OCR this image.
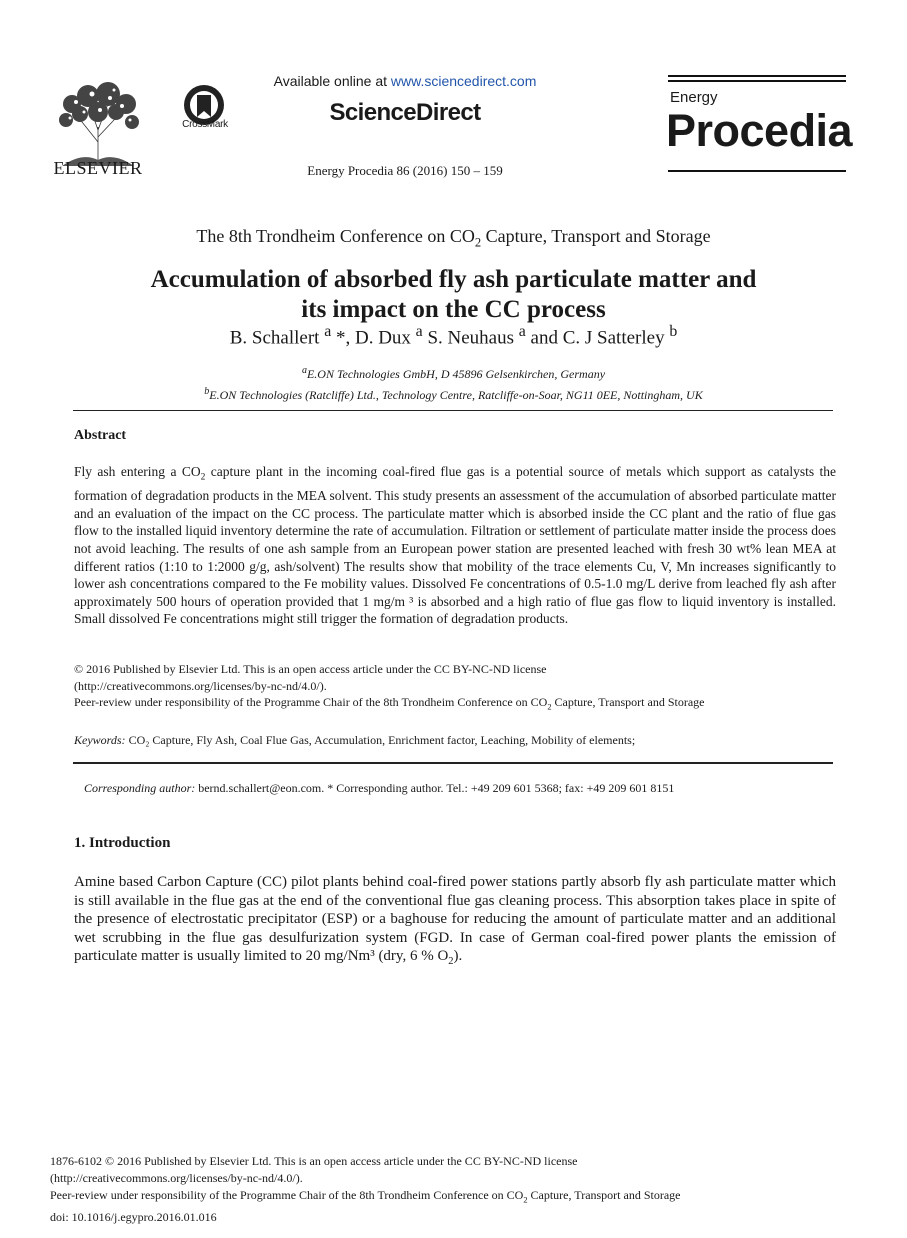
ELSEVIER
CrossMark
Available online at www.sciencedirect.com
ScienceDirect
Energy Procedia 86 (2016) 150 – 159
Energy
Procedia
The 8th Trondheim Conference on $CO_2$ Capture, Transport and Storage
Accumulation of absorbed fly ash particulate matter and
its impact on the CC process
B. Schallert $^a$ *, D. Dux $^a$ S. Neuhaus $^a$ and C. J Satterley $^b$
$^a$E.ON Technologies GmbH, D 45896 Gelsenkirchen, Germany
$^b$E.ON Technologies (Ratcliffe) Ltd., Technology Centre, Ratcliffe-on-Soar, NG11 0EE, Nottingham, UK
Abstract
Fly ash entering a $CO_2$ capture plant in the incoming coal-fired flue gas is a potential source of metals which support as catalysts the formation of degradation products in the MEA solvent. This study presents an assessment of the accumulation of absorbed particulate matter and an evaluation of the impact on the CC process. The particulate matter which is absorbed inside the CC plant and the ratio of flue gas flow to the installed liquid inventory determine the rate of accumulation. Filtration or settlement of particulate matter inside the process does not avoid leaching. The results of one ash sample from an European power station are presented leached with fresh 30 wt% lean MEA at different ratios (1:10 to 1:2000 g/g, ash/solvent) The results show that mobility of the trace elements Cu, V, Mn increases significantly to lower ash concentrations compared to the Fe mobility values. Dissolved Fe concentrations of 0.5-1.0 mg/L derive from leached fly ash after approximately 500 hours of operation provided that 1 mg/m ³ is absorbed and a high ratio of flue gas flow to liquid inventory is installed. Small dissolved Fe concentrations might still trigger the formation of degradation products.
© 2016 Published by Elsevier Ltd. This is an open access article under the CC BY-NC-ND license
(http://creativecommons.org/licenses/by-nc-nd/4.0/).
Peer-review under responsibility of the Programme Chair of the 8th Trondheim Conference on $CO_2$ Capture, Transport and Storage
Keywords: CO₂ Capture, Fly Ash, Coal Flue Gas, Accumulation, Enrichment factor, Leaching, Mobility of elements;
Corresponding author: bernd.schallert@eon.com. * Corresponding author. Tel.: +49 209 601 5368; fax: +49 209 601 8151
1. Introduction
Amine based Carbon Capture (CC) pilot plants behind coal-fired power stations partly absorb fly ash particulate matter which is still available in the flue gas at the end of the conventional flue gas cleaning process. This absorption takes place in spite of the presence of electrostatic precipitator (ESP) or a baghouse for reducing the amount of particulate matter and an additional wet scrubbing in the flue gas desulfurization system (FGD. In case of German coal-fired power plants the emission of particulate matter is usually limited to 20 mg/Nm³ (dry, 6 % $O_2$).
1876-6102 © 2016 Published by Elsevier Ltd. This is an open access article under the CC BY-NC-ND license
(http://creativecommons.org/licenses/by-nc-nd/4.0/).
Peer-review under responsibility of the Programme Chair of the 8th Trondheim Conference on $CO_2$ Capture, Transport and Storage
doi: 10.1016/j.egypro.2016.01.016
